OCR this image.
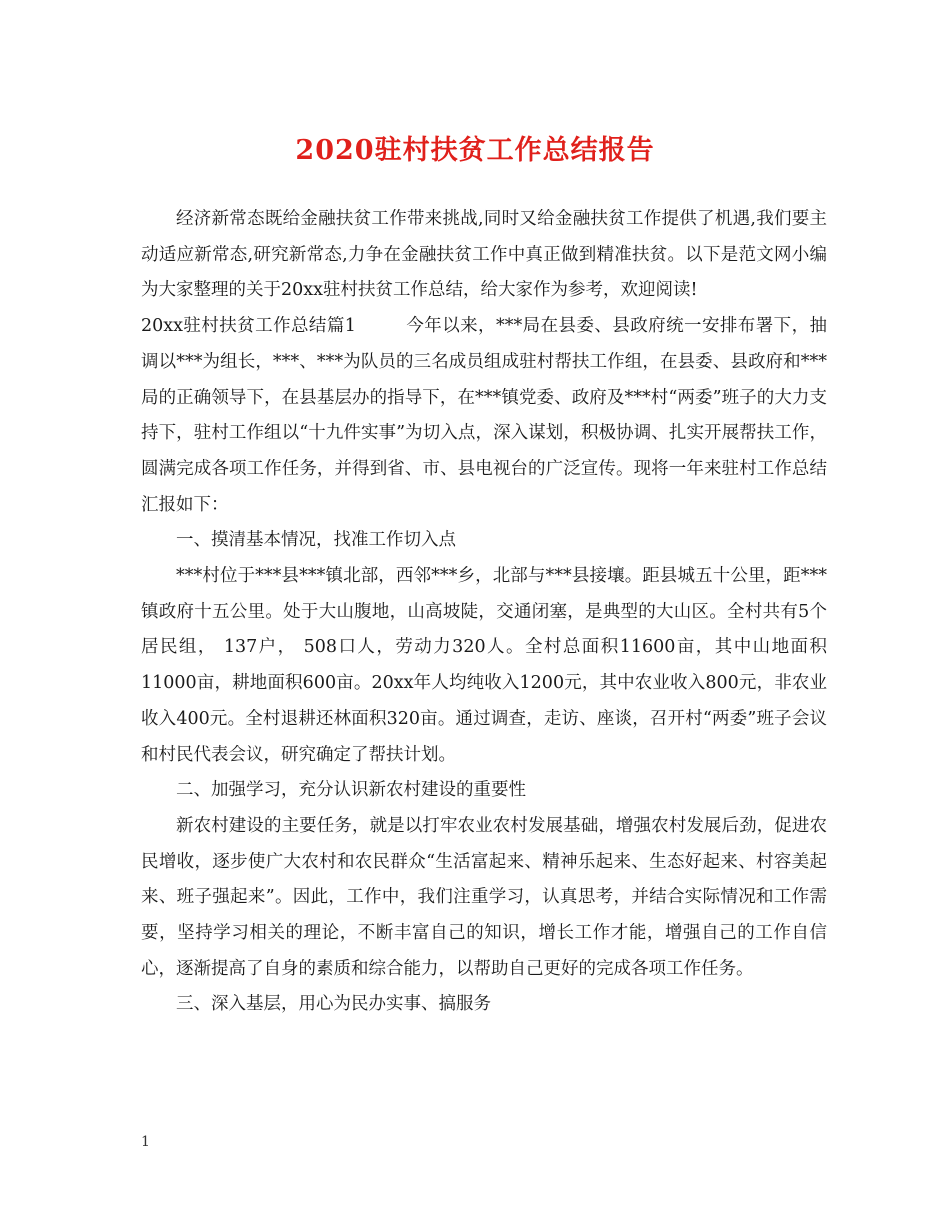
2020驻村扶贫工作总结报告

经济新常态既给金融扶贫工作带来挑战,同时又给金融扶贫工作提供了机遇,我们要主动适应新常态,研究新常态,力争在金融扶贫工作中真正做到精准扶贫。以下是范文网小编为大家整理的关于20xx驻村扶贫工作总结，给大家作为参考，欢迎阅读!

20xx驻村扶贫工作总结篇1	今年以来，***局在县委、县政府统一安排布署下，抽调以***为组长，***、***为队员的三名成员组成驻村帮扶工作组，在县委、县政府和***局的正确领导下，在县基层办的指导下，在***镇党委、政府及***村“两委”班子的大力支持下，驻村工作组以“十九件实事”为切入点，深入谋划，积极协调、扎实开展帮扶工作，圆满完成各项工作任务，并得到省、市、县电视台的广泛宣传。现将一年来驻村工作总结汇报如下：

一、摸清基本情况，找准工作切入点

***村位于***县***镇北部，西邻***乡，北部与***县接壤。距县城五十公里，距***镇政府十五公里。处于大山腹地，山高坡陡，交通闭塞，是典型的大山区。全村共有5个居民组， 137户， 508口人，劳动力320人。全村总面积11600亩，其中山地面积11000亩，耕地面积600亩。20xx年人均纯收入1200元，其中农业收入800元，非农业收入400元。全村退耕还林面积320亩。通过调查，走访、座谈，召开村“两委”班子会议和村民代表会议，研究确定了帮扶计划。

二、加强学习，充分认识新农村建设的重要性

新农村建设的主要任务，就是以打牢农业农村发展基础，增强农村发展后劲，促进农民增收，逐步使广大农村和农民群众“生活富起来、精神乐起来、生态好起来、村容美起来、班子强起来”。因此，工作中，我们注重学习，认真思考，并结合实际情况和工作需要，坚持学习相关的理论，不断丰富自己的知识，增长工作才能，增强自己的工作自信心，逐渐提高了自身的素质和综合能力，以帮助自己更好的完成各项工作任务。

三、深入基层，用心为民办实事、搞服务

1
